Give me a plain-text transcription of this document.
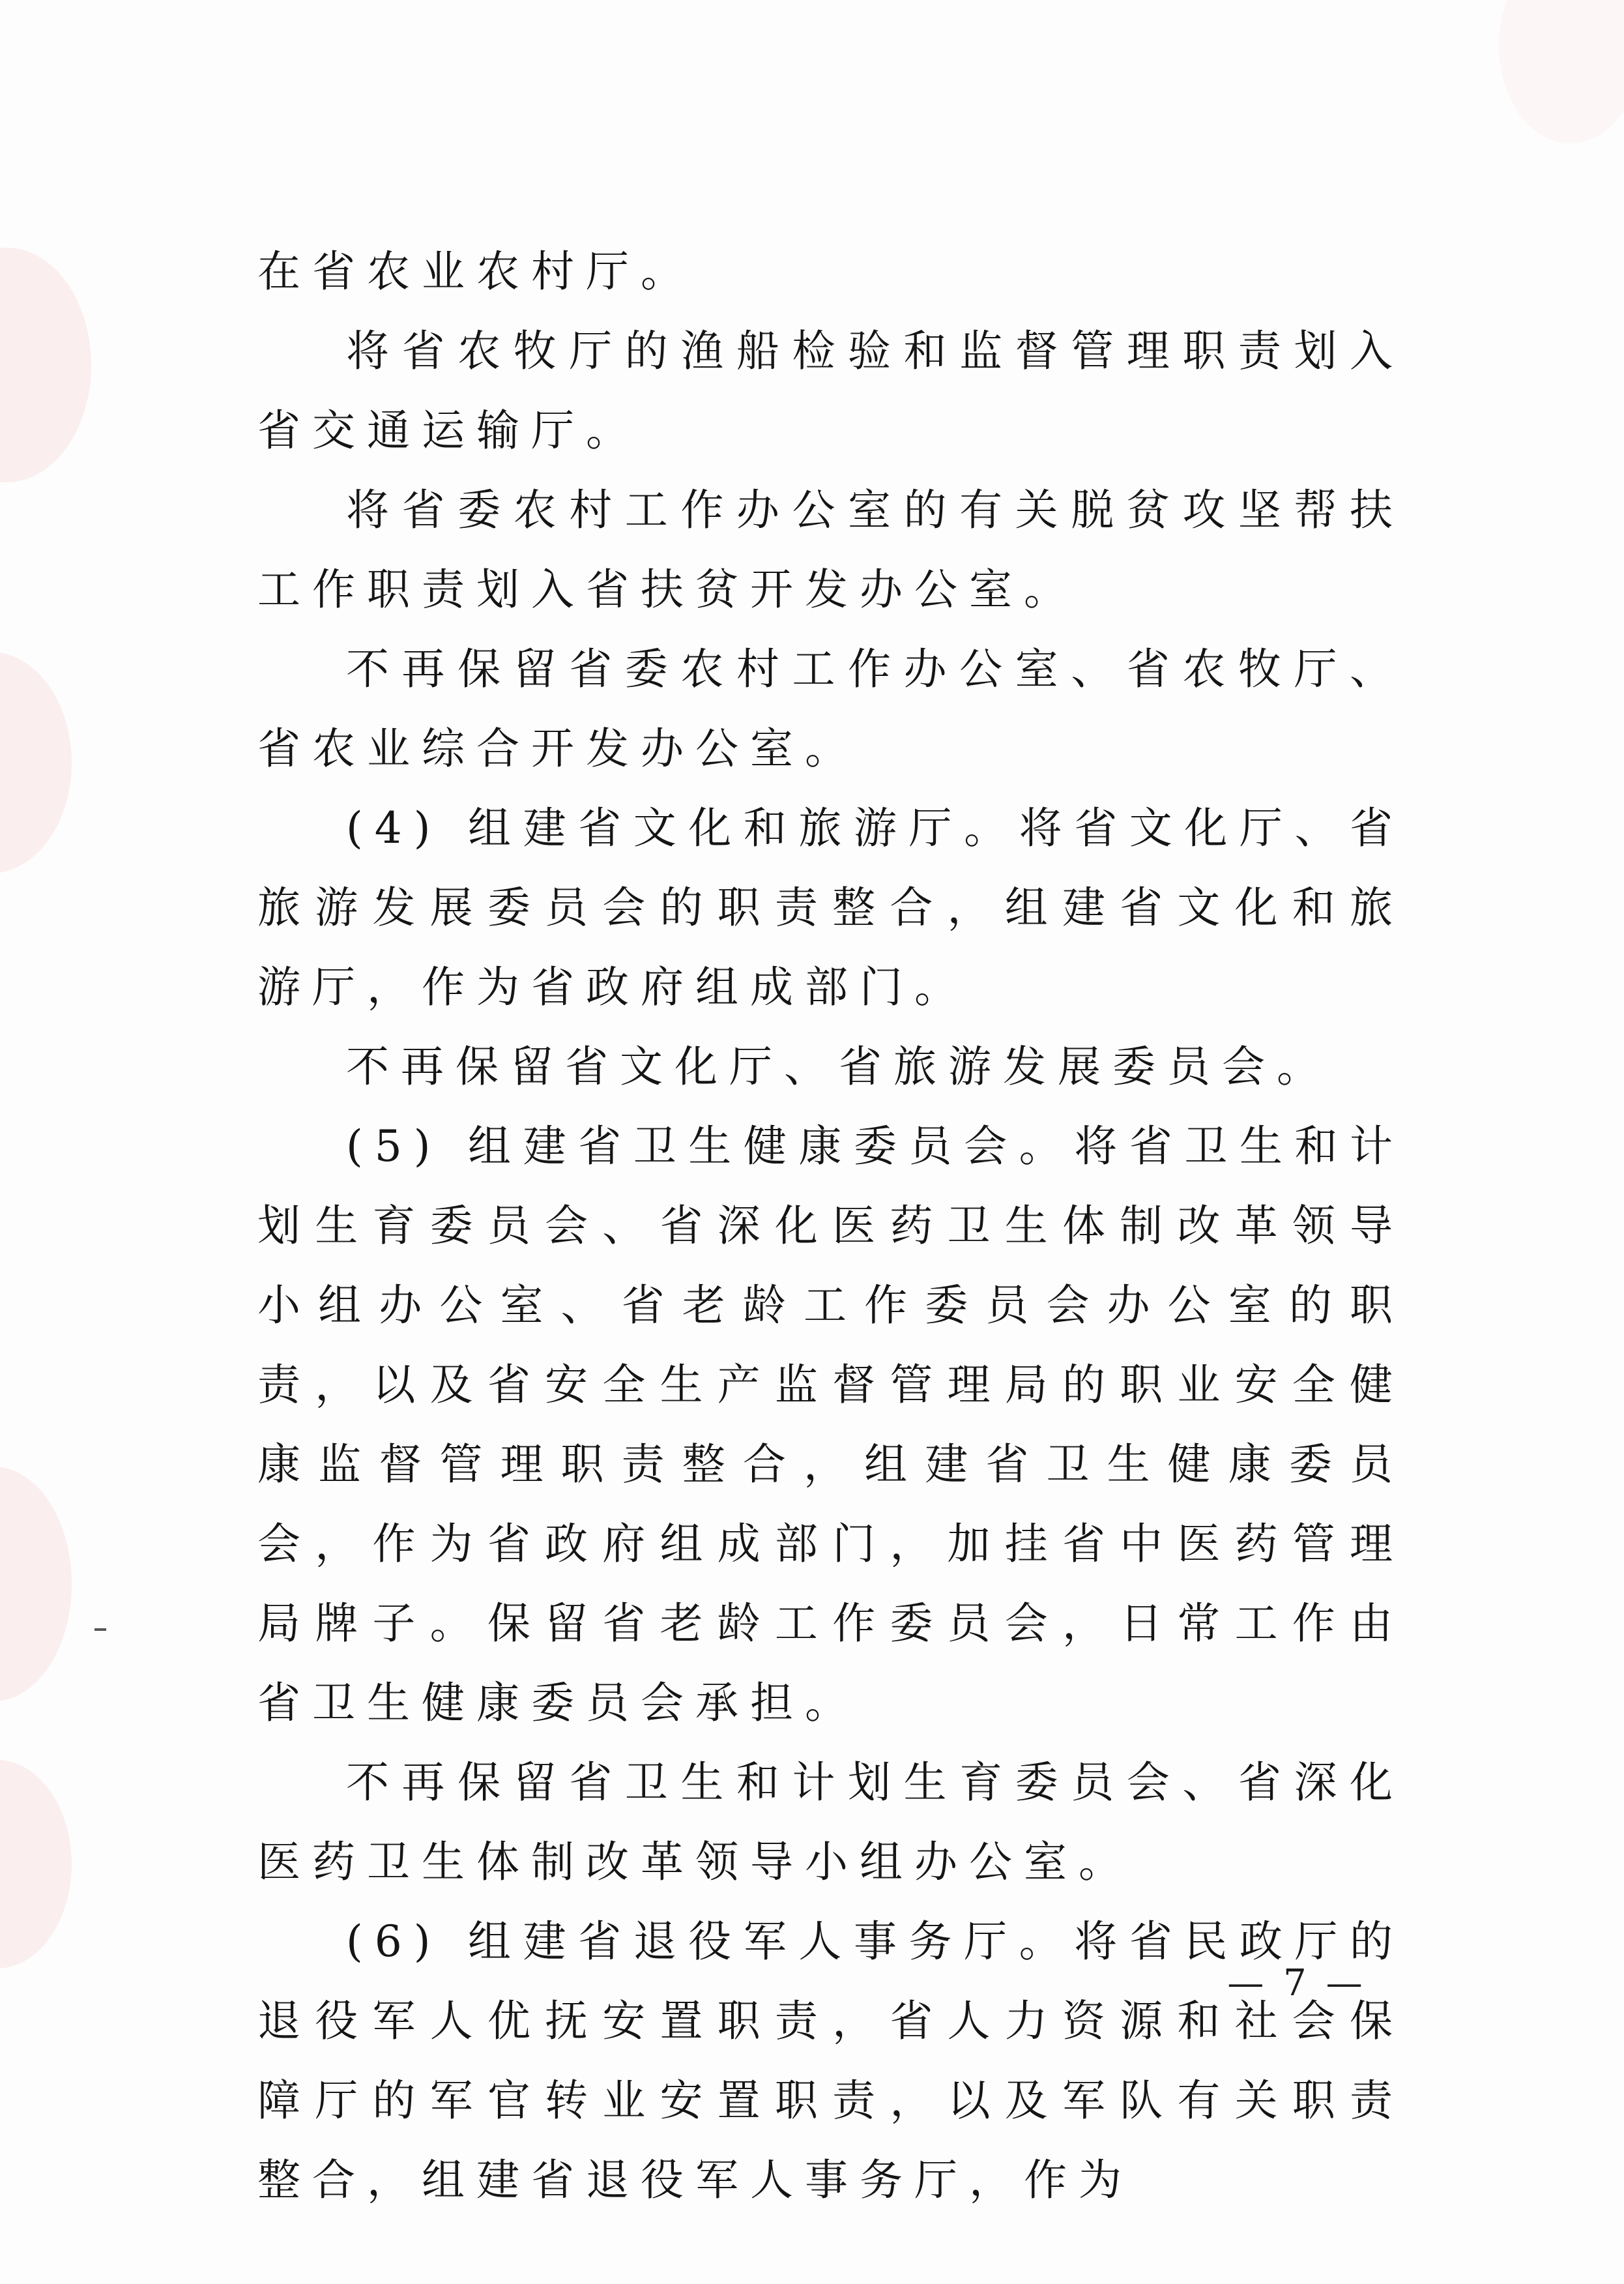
在省农业农村厅。

将省农牧厅的渔船检验和监督管理职责划入省交通运输厅。

将省委农村工作办公室的有关脱贫攻坚帮扶工作职责划入省扶贫开发办公室。

不再保留省委农村工作办公室、省农牧厅、省农业综合开发办公室。

(4) 组建省文化和旅游厅。将省文化厅、省旅游发展委员会的职责整合，组建省文化和旅游厅，作为省政府组成部门。

不再保留省文化厅、省旅游发展委员会。

(5) 组建省卫生健康委员会。将省卫生和计划生育委员会、省深化医药卫生体制改革领导小组办公室、省老龄工作委员会办公室的职责，以及省安全生产监督管理局的职业安全健康监督管理职责整合，组建省卫生健康委员会，作为省政府组成部门，加挂省中医药管理局牌子。保留省老龄工作委员会，日常工作由省卫生健康委员会承担。

不再保留省卫生和计划生育委员会、省深化医药卫生体制改革领导小组办公室。

(6) 组建省退役军人事务厅。将省民政厅的退役军人优抚安置职责，省人力资源和社会保障厅的军官转业安置职责，以及军队有关职责整合，组建省退役军人事务厅，作为

— 7 —
